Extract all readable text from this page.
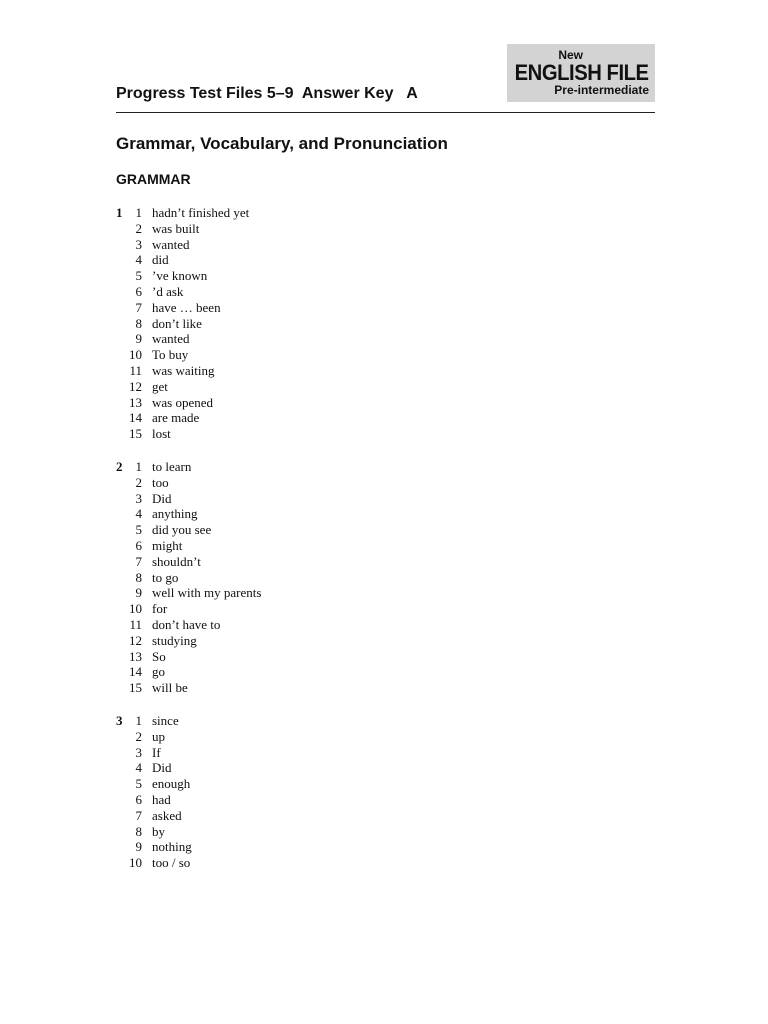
New
ENGLISH FILE
Pre-intermediate
Progress Test Files 5–9  Answer Key   A
Grammar, Vocabulary, and Pronunciation
GRAMMAR
1	1 hadn’t finished yet
2 was built
3 wanted
4 did
5 ’ve known
6 ’d ask
7 have … been
8 don’t like
9 wanted
10 To buy
11 was waiting
12 get
13 was opened
14 are made
15 lost
2	1 to learn
2 too
3 Did
4 anything
5 did you see
6 might
7 shouldn’t
8 to go
9 well with my parents
10 for
11 don’t have to
12 studying
13 So
14 go
15 will be
3	1 since
2 up
3 If
4 Did
5 enough
6 had
7 asked
8 by
9 nothing
10 too / so
